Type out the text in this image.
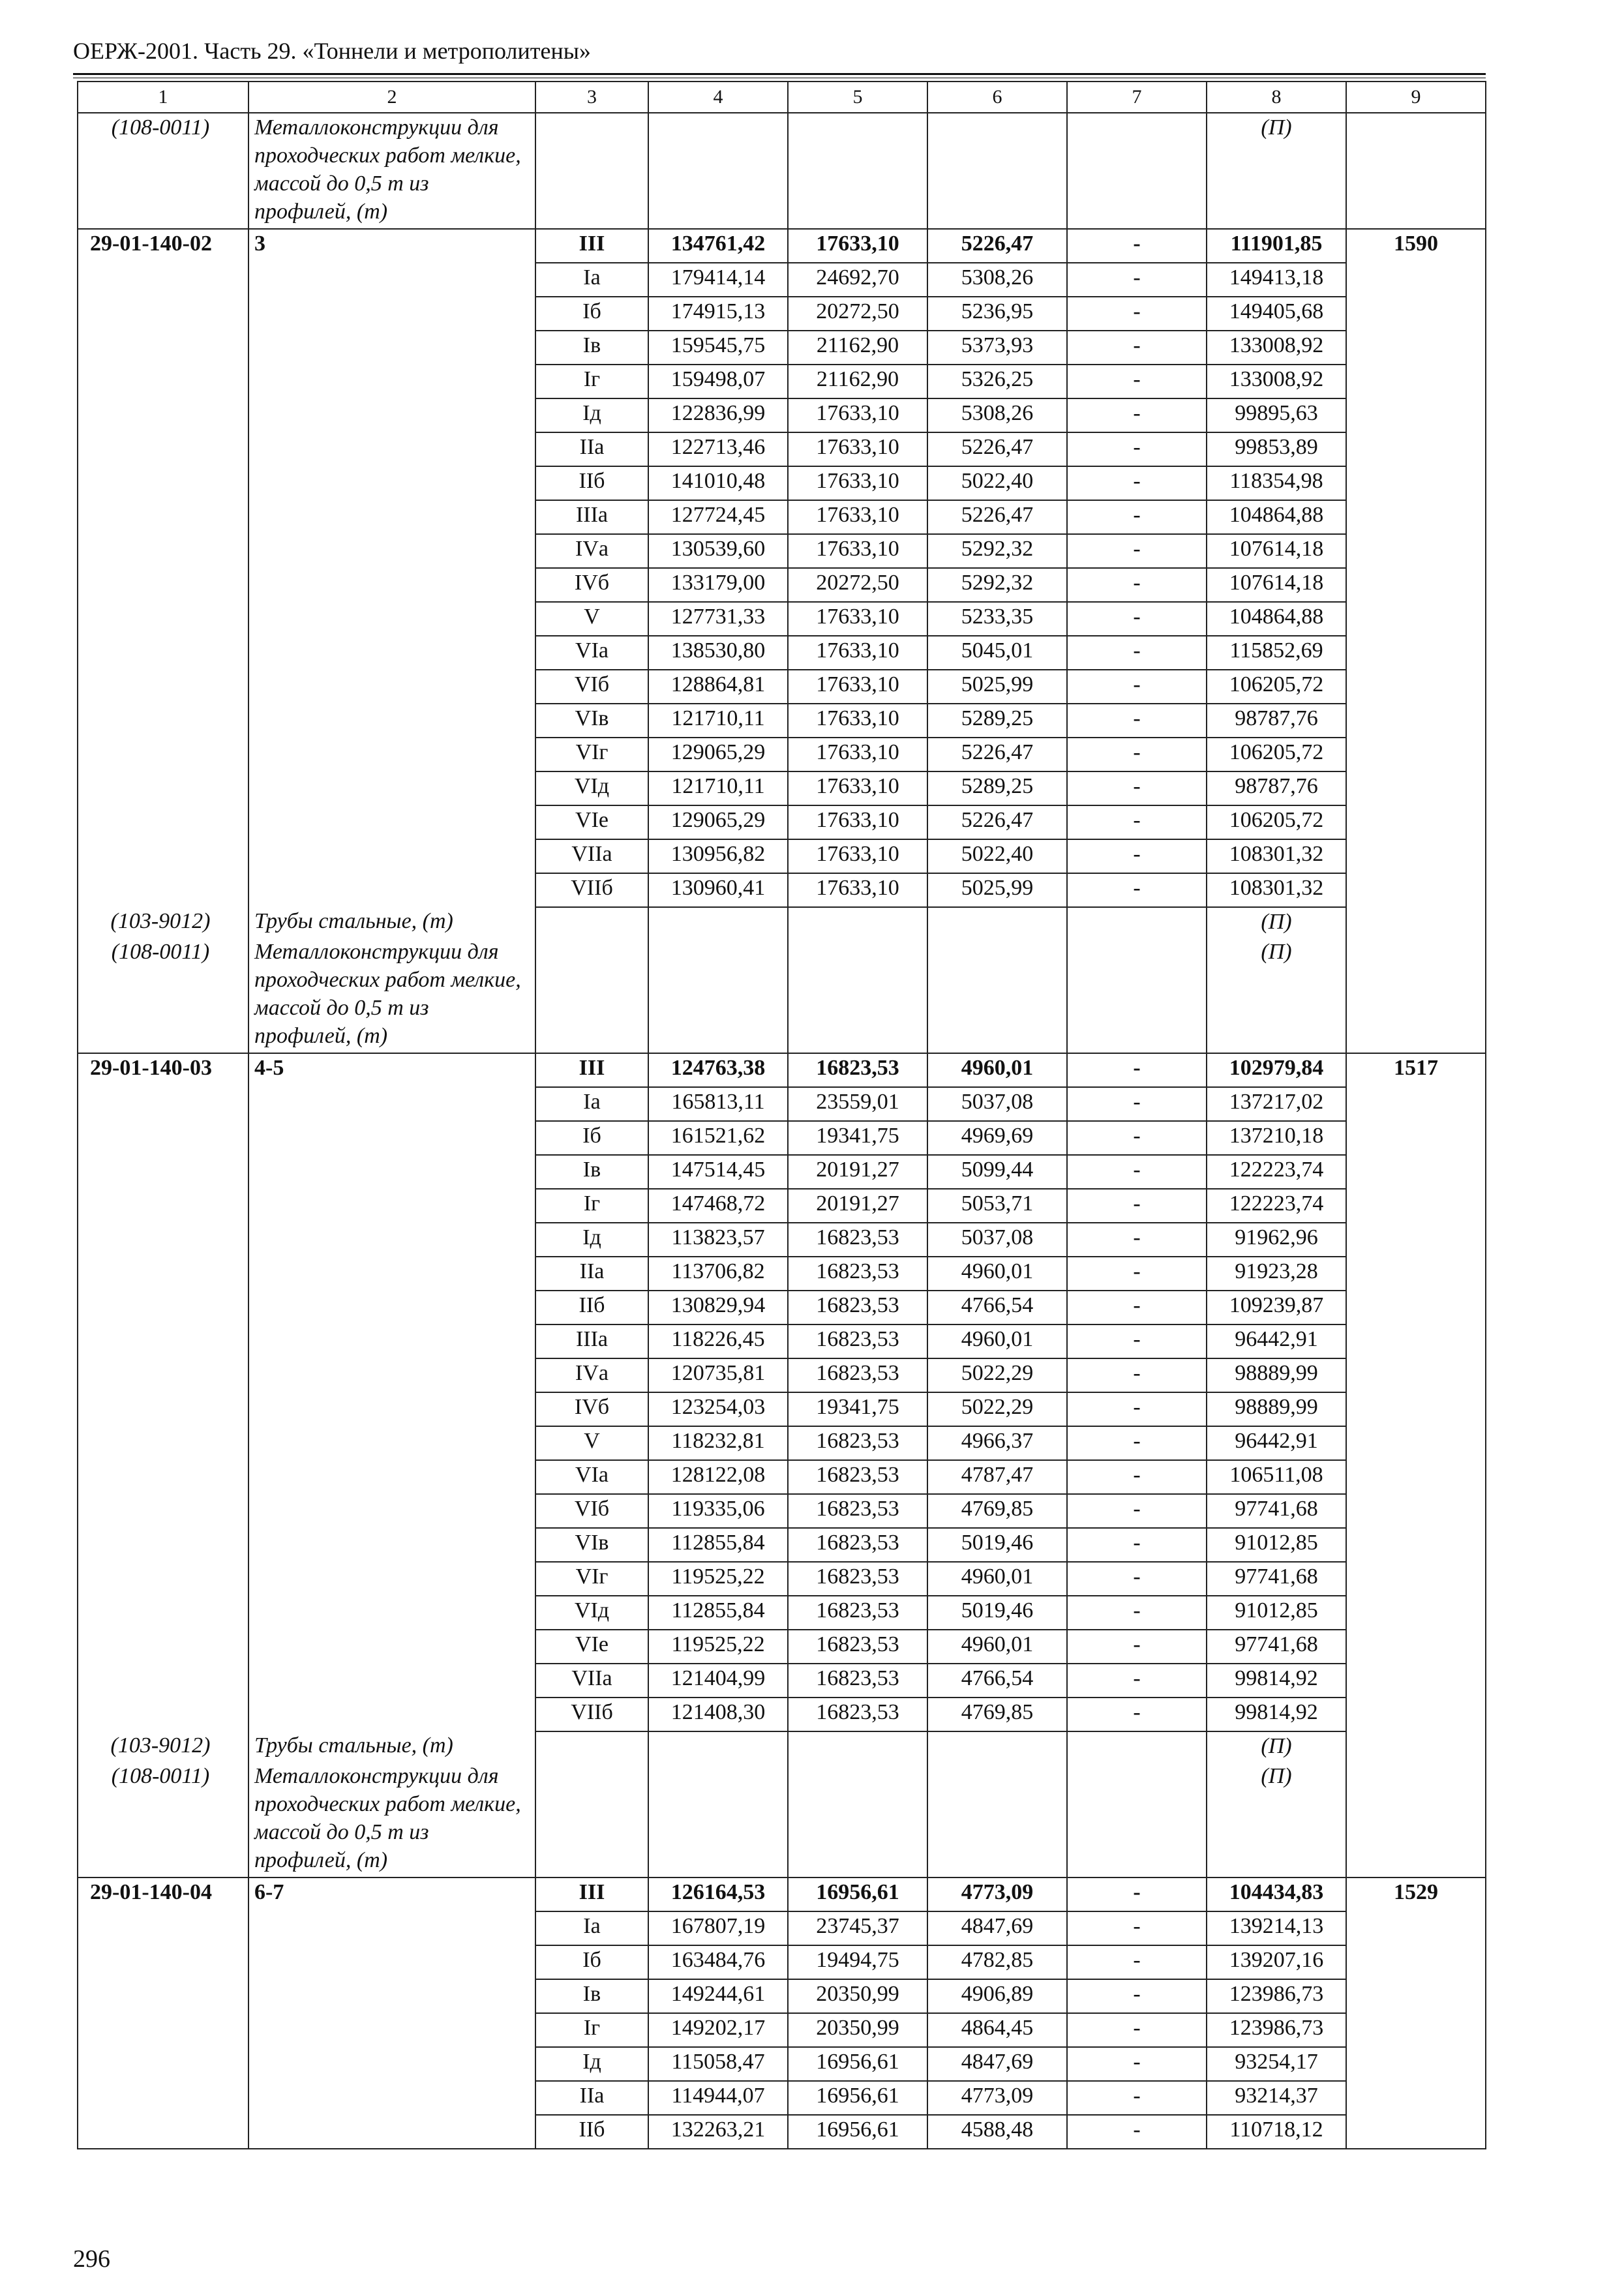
ОЕРЖ-2001. Часть 29. «Тоннели и метрополитены»
1	2	3	4	5	6	7	8	9
(108-0011)	Металлоконструкции для проходческих работ мелкие, массой до 0,5 т из профилей, (т)						(П)	
29-01-140-02	3	III	134761,42	17633,10	5226,47	-	111901,85	1590
		Iа	179414,14	24692,70	5308,26	-	149413,18	
		Iб	174915,13	20272,50	5236,95	-	149405,68	
		Iв	159545,75	21162,90	5373,93	-	133008,92	
		Iг	159498,07	21162,90	5326,25	-	133008,92	
		Iд	122836,99	17633,10	5308,26	-	99895,63	
		IIа	122713,46	17633,10	5226,47	-	99853,89	
		IIб	141010,48	17633,10	5022,40	-	118354,98	
		IIIа	127724,45	17633,10	5226,47	-	104864,88	
		IVа	130539,60	17633,10	5292,32	-	107614,18	
		IVб	133179,00	20272,50	5292,32	-	107614,18	
		V	127731,33	17633,10	5233,35	-	104864,88	
		VIа	138530,80	17633,10	5045,01	-	115852,69	
		VIб	128864,81	17633,10	5025,99	-	106205,72	
		VIв	121710,11	17633,10	5289,25	-	98787,76	
		VIг	129065,29	17633,10	5226,47	-	106205,72	
		VIд	121710,11	17633,10	5289,25	-	98787,76	
		VIе	129065,29	17633,10	5226,47	-	106205,72	
		VIIа	130956,82	17633,10	5022,40	-	108301,32	
		VIIб	130960,41	17633,10	5025,99	-	108301,32	
(103-9012)	Трубы стальные, (т)						(П)	
(108-0011)	Металлоконструкции для проходческих работ мелкие, массой до 0,5 т из профилей, (т)						(П)	
29-01-140-03	4-5	III	124763,38	16823,53	4960,01	-	102979,84	1517
		Iа	165813,11	23559,01	5037,08	-	137217,02	
		Iб	161521,62	19341,75	4969,69	-	137210,18	
		Iв	147514,45	20191,27	5099,44	-	122223,74	
		Iг	147468,72	20191,27	5053,71	-	122223,74	
		Iд	113823,57	16823,53	5037,08	-	91962,96	
		IIа	113706,82	16823,53	4960,01	-	91923,28	
		IIб	130829,94	16823,53	4766,54	-	109239,87	
		IIIа	118226,45	16823,53	4960,01	-	96442,91	
		IVа	120735,81	16823,53	5022,29	-	98889,99	
		IVб	123254,03	19341,75	5022,29	-	98889,99	
		V	118232,81	16823,53	4966,37	-	96442,91	
		VIа	128122,08	16823,53	4787,47	-	106511,08	
		VIб	119335,06	16823,53	4769,85	-	97741,68	
		VIв	112855,84	16823,53	5019,46	-	91012,85	
		VIг	119525,22	16823,53	4960,01	-	97741,68	
		VIд	112855,84	16823,53	5019,46	-	91012,85	
		VIе	119525,22	16823,53	4960,01	-	97741,68	
		VIIа	121404,99	16823,53	4766,54	-	99814,92	
		VIIб	121408,30	16823,53	4769,85	-	99814,92	
(103-9012)	Трубы стальные, (т)						(П)	
(108-0011)	Металлоконструкции для проходческих работ мелкие, массой до 0,5 т из профилей, (т)						(П)	
29-01-140-04	6-7	III	126164,53	16956,61	4773,09	-	104434,83	1529
		Iа	167807,19	23745,37	4847,69	-	139214,13	
		Iб	163484,76	19494,75	4782,85	-	139207,16	
		Iв	149244,61	20350,99	4906,89	-	123986,73	
		Iг	149202,17	20350,99	4864,45	-	123986,73	
		Iд	115058,47	16956,61	4847,69	-	93254,17	
		IIа	114944,07	16956,61	4773,09	-	93214,37	
		IIб	132263,21	16956,61	4588,48	-	110718,12	
296
